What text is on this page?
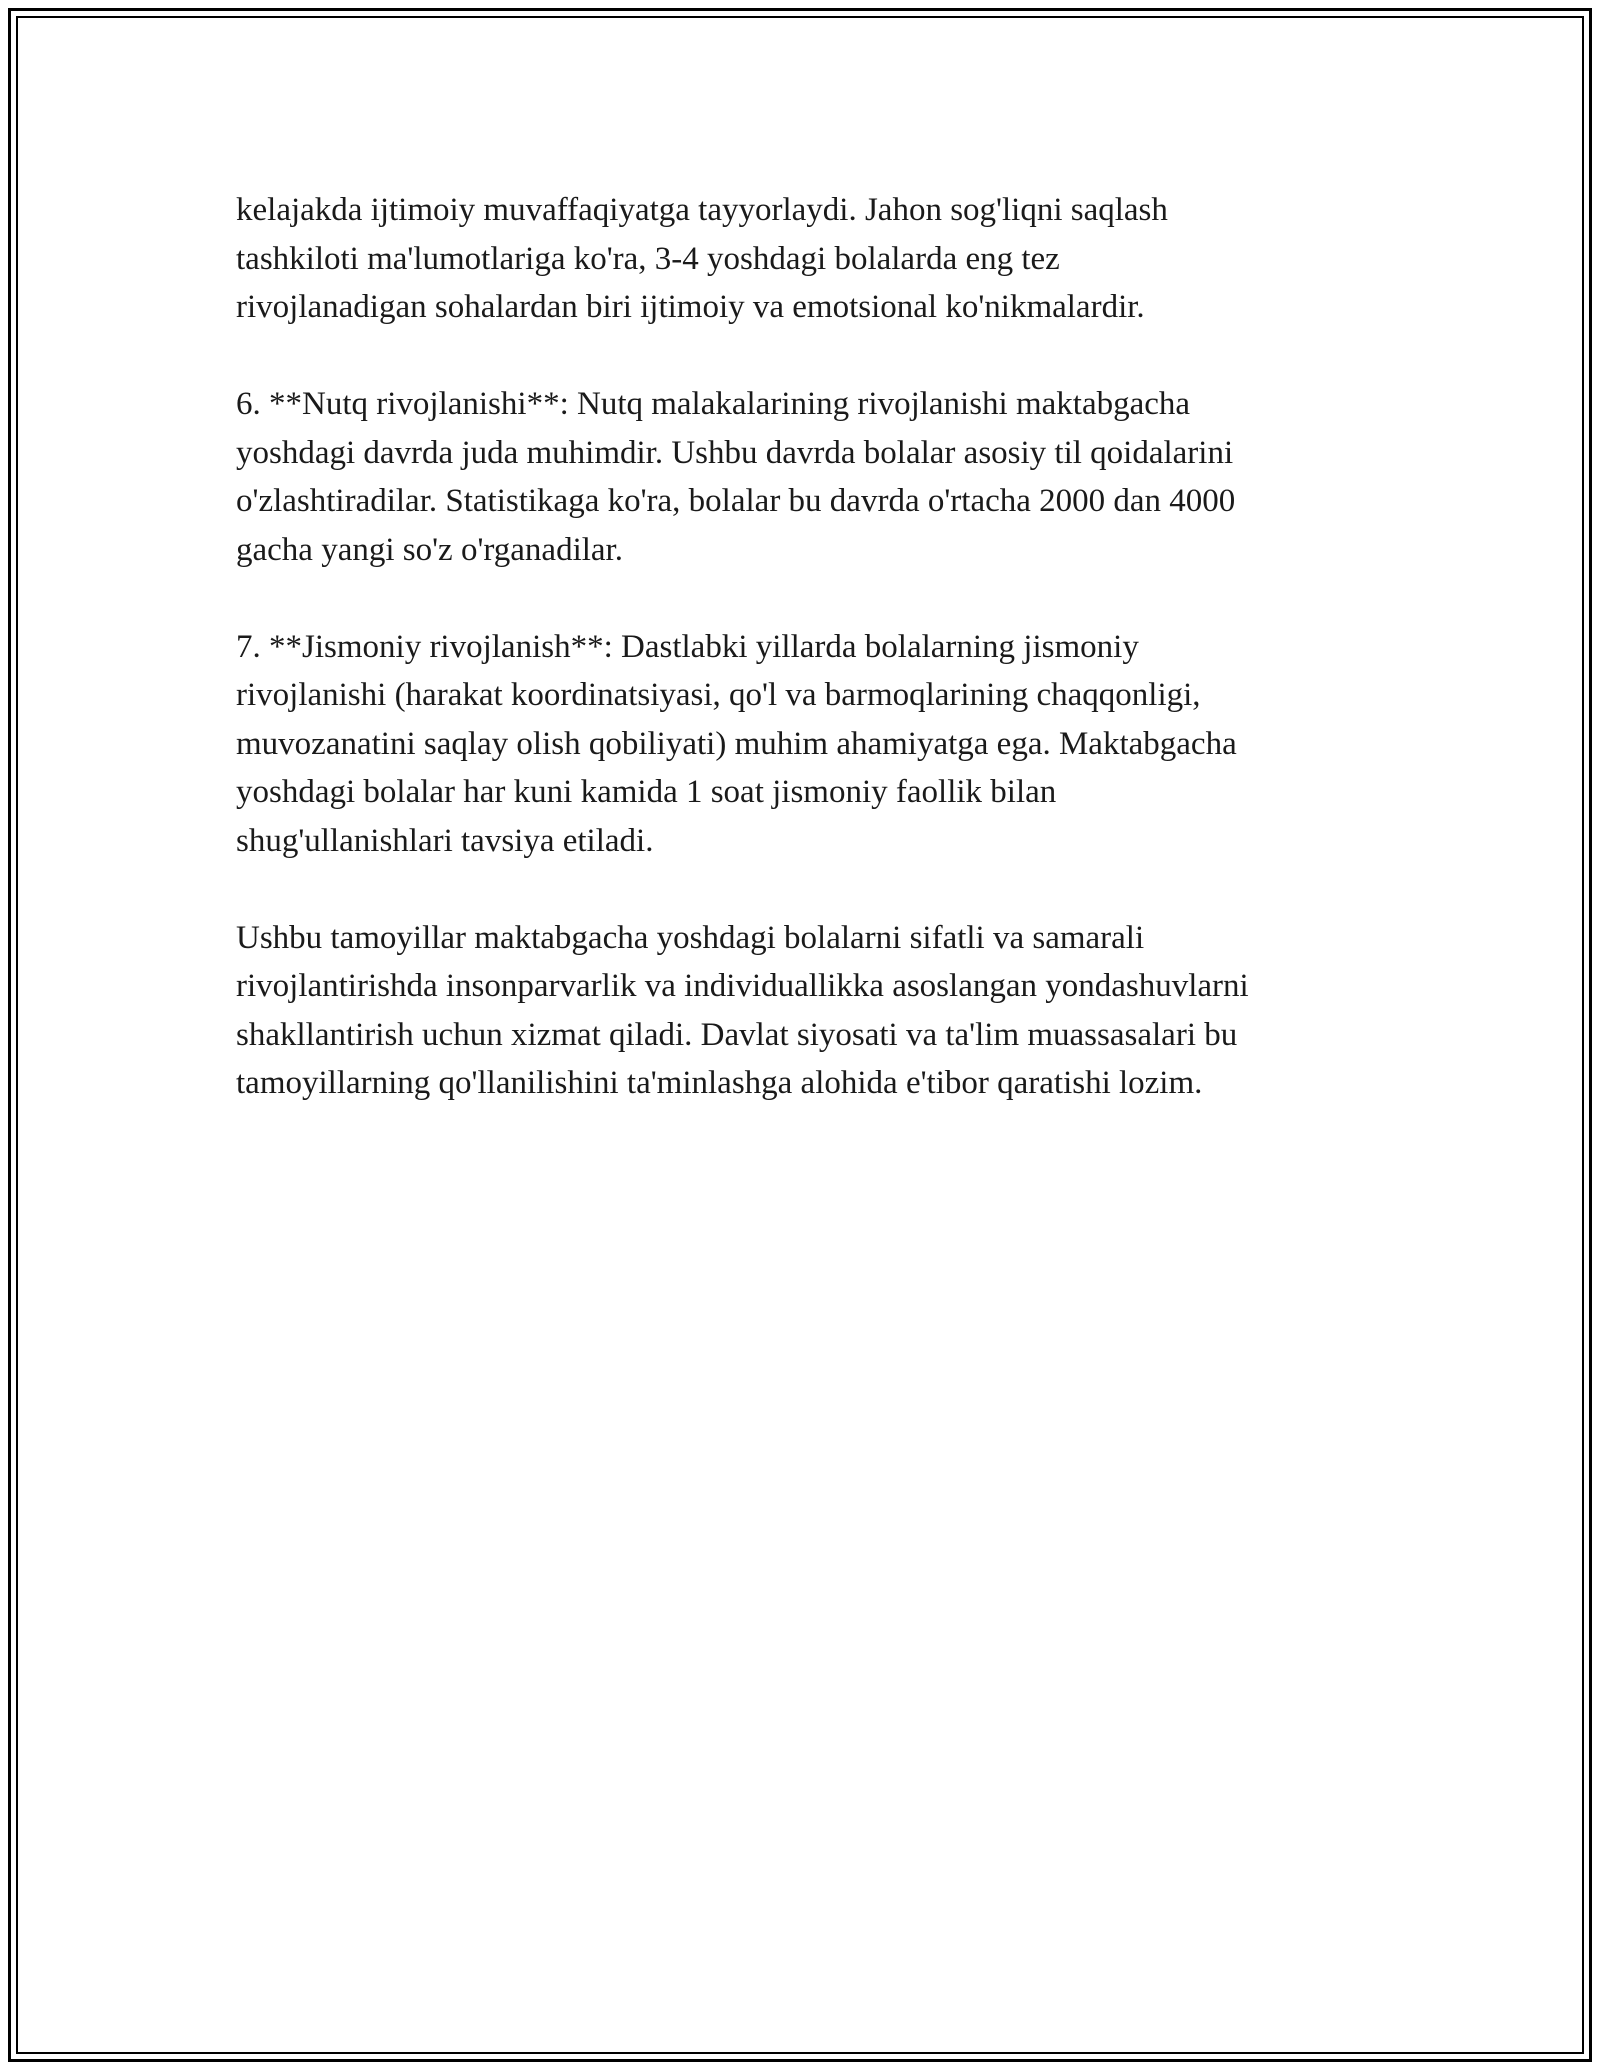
kelajakda ijtimoiy muvaffaqiyatga tayyorlaydi. Jahon sog'liqni saqlash
tashkiloti ma'lumotlariga ko'ra, 3-4 yoshdagi bolalarda eng tez
rivojlanadigan sohalardan biri ijtimoiy va emotsional ko'nikmalardir.

6. **Nutq rivojlanishi**: Nutq malakalarining rivojlanishi maktabgacha
yoshdagi davrda juda muhimdir. Ushbu davrda bolalar asosiy til qoidalarini
o'zlashtiradilar. Statistikaga ko'ra, bolalar bu davrda o'rtacha 2000 dan 4000
gacha yangi so'z o'rganadilar.

7. **Jismoniy rivojlanish**: Dastlabki yillarda bolalarning jismoniy
rivojlanishi (harakat koordinatsiyasi, qo'l va barmoqlarining chaqqonligi,
muvozanatini saqlay olish qobiliyati) muhim ahamiyatga ega. Maktabgacha
yoshdagi bolalar har kuni kamida 1 soat jismoniy faollik bilan
shug'ullanishlari tavsiya etiladi.

Ushbu tamoyillar maktabgacha yoshdagi bolalarni sifatli va samarali
rivojlantirishda insonparvarlik va individuallikka asoslangan yondashuvlarni
shakllantirish uchun xizmat qiladi. Davlat siyosati va ta'lim muassasalari bu
tamoyillarning qo'llanilishini ta'minlashga alohida e'tibor qaratishi lozim.
